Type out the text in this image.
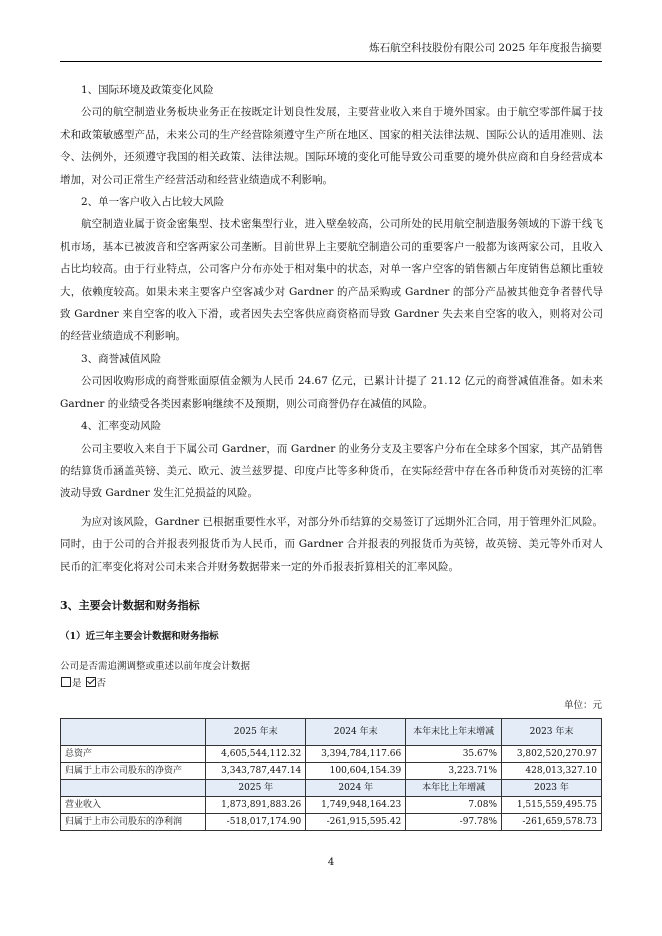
炼石航空科技股份有限公司 2025 年年度报告摘要

1、国际环境及政策变化风险

公司的航空制造业务板块业务正在按既定计划良性发展，主要营业收入来自于境外国家。由于航空零部件属于技术和政策敏感型产品，未来公司的生产经营除须遵守生产所在地区、国家的相关法律法规、国际公认的适用准则、法令、法例外，还须遵守我国的相关政策、法律法规。国际环境的变化可能导致公司重要的境外供应商和自身经营成本增加，对公司正常生产经营活动和经营业绩造成不利影响。

2、单一客户收入占比较大风险

航空制造业属于资金密集型、技术密集型行业，进入壁垒较高，公司所处的民用航空制造服务领域的下游干线飞机市场，基本已被波音和空客两家公司垄断。目前世界上主要航空制造公司的重要客户一般都为该两家公司，且收入占比均较高。由于行业特点，公司客户分布亦处于相对集中的状态，对单一客户空客的销售额占年度销售总额比重较大，依赖度较高。如果未来主要客户空客减少对 Gardner 的产品采购或 Gardner 的部分产品被其他竞争者替代导致 Gardner 来自空客的收入下滑，或者因失去空客供应商资格而导致 Gardner 失去来自空客的收入，则将对公司的经营业绩造成不利影响。

3、商誉减值风险

公司因收购形成的商誉账面原值金额为人民币 24.67 亿元，已累计计提了 21.12 亿元的商誉减值准备。如未来 Gardner 的业绩受各类因素影响继续不及预期，则公司商誉仍存在减值的风险。

4、汇率变动风险

公司主要收入来自于下属公司 Gardner，而 Gardner 的业务分支及主要客户分布在全球多个国家，其产品销售的结算货币涵盖英镑、美元、欧元、波兰兹罗提、印度卢比等多种货币，在实际经营中存在各币种货币对英镑的汇率波动导致 Gardner 发生汇兑损益的风险。

为应对该风险，Gardner 已根据重要性水平，对部分外币结算的交易签订了远期外汇合同，用于管理外汇风险。同时，由于公司的合并报表列报货币为人民币，而 Gardner 合并报表的列报货币为英镑，故英镑、美元等外币对人民币的汇率变化将对公司未来合并财务数据带来一定的外币报表折算相关的汇率风险。

3、主要会计数据和财务指标
（1）近三年主要会计数据和财务指标
公司是否需追溯调整或重述以前年度会计数据
是 否
单位：元
	2025 年末	2024 年末	本年末比上年末增减	2023 年末
总资产	4,605,544,112.32	3,394,784,117.66	35.67%	3,802,520,270.97
归属于上市公司股东的净资产	3,343,787,447.14	100,604,154.39	3,223.71%	428,013,327.10
	2025 年	2024 年	本年比上年增减	2023 年
营业收入	1,873,891,883.26	1,749,948,164.23	7.08%	1,515,559,495.75
归属于上市公司股东的净利润	-518,017,174.90	-261,915,595.42	-97.78%	-261,659,578.73
4
